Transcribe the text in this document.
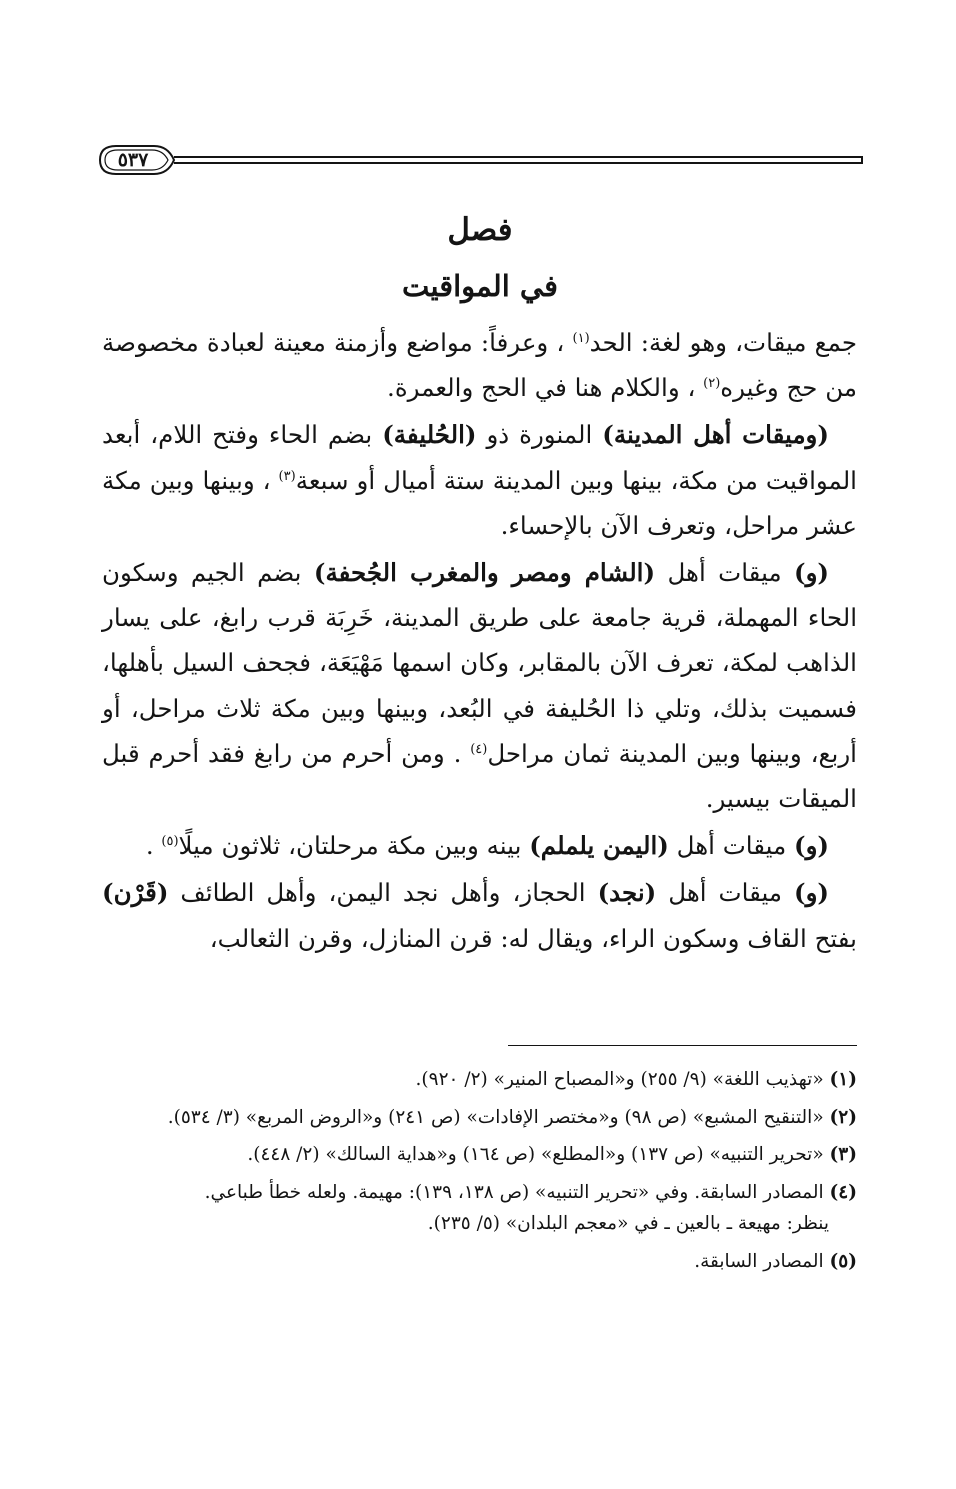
٥٣٧
فصل
في المواقيت

جمع ميقات، وهو لغة: الحد$^{(١)}$ ، وعرفاً: مواضع وأزمنة معينة لعبادة مخصوصة من حج وغيره$^{(٢)}$ ، والكلام هنا في الحج والعمرة.

(وميقات أهل المدينة) المنورة ذو (الحُليفة) بضم الحاء وفتح اللام، أبعد المواقيت من مكة، بينها وبين المدينة ستة أميال أو سبعة$^{(٣)}$ ، وبينها وبين مكة عشر مراحل، وتعرف الآن بالإحساء.

(و) ميقات أهل (الشام ومصر والمغرب الجُحفة) بضم الجيم وسكون الحاء المهملة، قرية جامعة على طريق المدينة، خَرِبَة قرب رابغ، على يسار الذاهب لمكة، تعرف الآن بالمقابر، وكان اسمها مَهْيَعَة، فجحف السيل بأهلها، فسميت بذلك، وتلي ذا الحُليفة في البُعد، وبينها وبين مكة ثلاث مراحل، أو أربع، وبينها وبين المدينة ثمان مراحل$^{(٤)}$ . ومن أحرم من رابغ فقد أحرم قبل الميقات بيسير.

(و) ميقات أهل (اليمن يلملم) بينه وبين مكة مرحلتان، ثلاثون ميلًا$^{(٥)}$ .

(و) ميقات أهل (نجد) الحجاز، وأهل نجد اليمن، وأهل الطائف (قَرْن) بفتح القاف وسكون الراء، ويقال له: قرن المنازل، وقرن الثعالب،

(١) «تهذيب اللغة» (٩/ ٢٥٥) و«المصباح المنير» (٢/ ٩٢٠).
(٢) «التنقيح المشبع» (ص ٩٨) و«مختصر الإفادات» (ص ٢٤١) و«الروض المربع» (٣/ ٥٣٤).
(٣) «تحرير التنبيه» (ص ١٣٧) و«المطلع» (ص ١٦٤) و«هداية السالك» (٢/ ٤٤٨).
(٤) المصادر السابقة. وفي «تحرير التنبيه» (ص ١٣٨، ١٣٩): مهيمة. ولعله خطأ طباعي.
ينظر: مهيعة ـ بالعين ـ في «معجم البلدان» (٥/ ٢٣٥).
(٥) المصادر السابقة.
